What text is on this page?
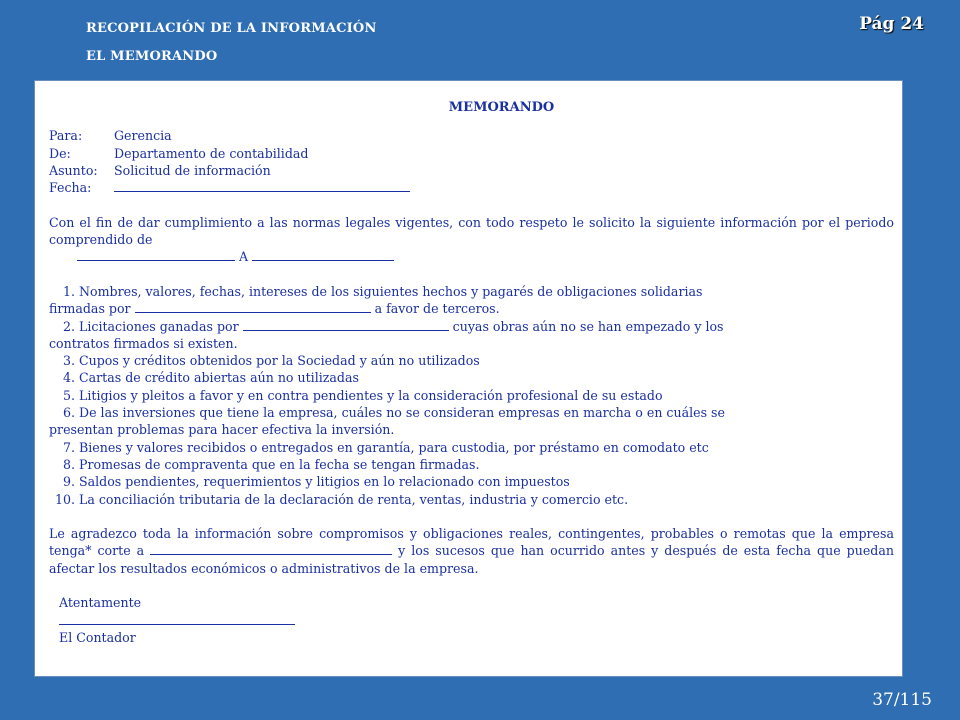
RECOPILACIÓN DE LA INFORMACIÓN
EL MEMORANDO
Pág 24
MEMORANDO
Para:	Gerencia
De:	Departamento de contabilidad
Asunto: Solicitud de información
Fecha:
Con el fin de dar cumplimiento a las normas legales vigentes, con todo respeto le solicito la siguiente información por el periodo comprendido de
A
1. Nombres, valores, fechas, intereses de los siguientes hechos y pagarés de obligaciones solidarias
firmadas por	a favor de terceros.
2. Licitaciones ganadas por	cuyas obras aún no se han empezado y los
contratos firmados si existen.
3. Cupos y créditos obtenidos por la Sociedad y aún no utilizados
4. Cartas de crédito abiertas aún no utilizadas
5. Litigios y pleitos a favor y en contra pendientes y la consideración profesional de su estado
6. De las inversiones que tiene la empresa, cuáles no se consideran empresas en marcha o en cuáles se
presentan problemas para hacer efectiva la inversión.
7. Bienes y valores recibidos o entregados en garantía, para custodia, por préstamo en comodato etc
8. Promesas de compraventa que en la fecha se tengan firmadas.
9. Saldos pendientes, requerimientos y litigios en lo relacionado con impuestos
10. La conciliación tributaria de la declaración de renta, ventas, industria y comercio etc.
Le agradezco toda la información sobre compromisos y obligaciones reales, contingentes, probables o remotas que la empresa tenga* corte a	y los sucesos que han ocurrido antes y después de esta fecha que puedan afectar los resultados económicos o administrativos de la empresa.
Atentamente
El Contador
37/115
